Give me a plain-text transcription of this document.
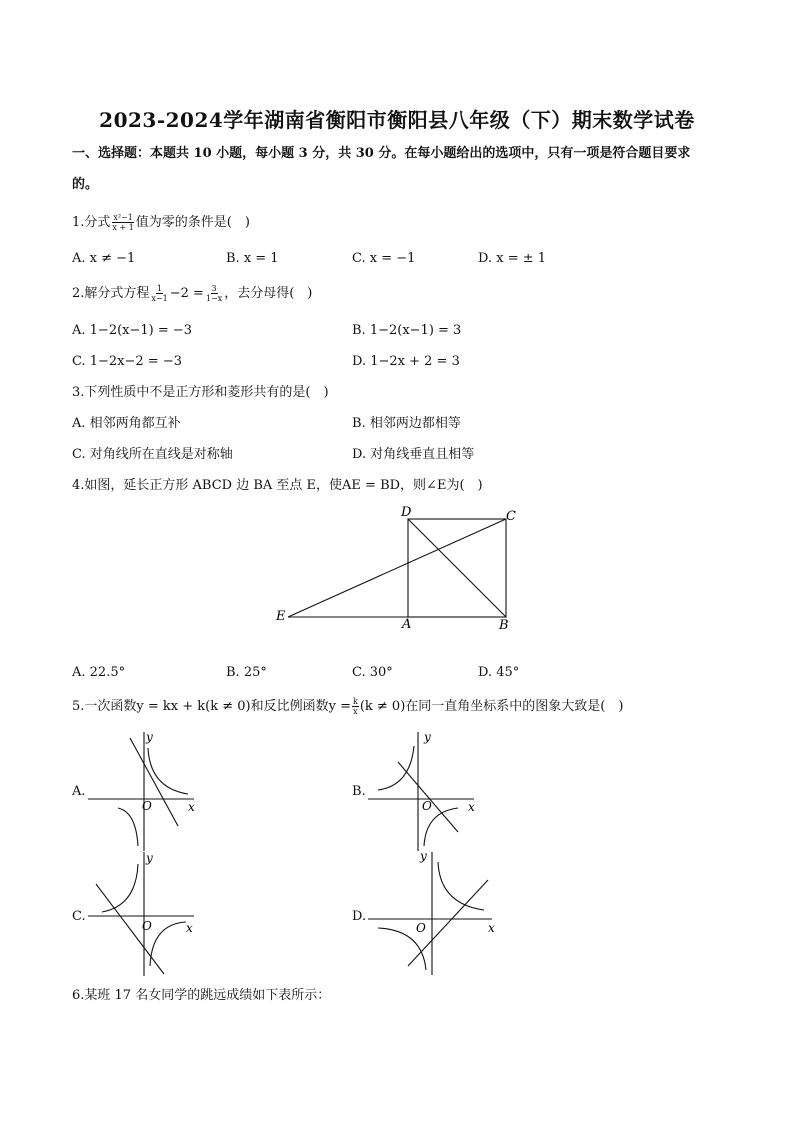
2023-2024学年湖南省衡阳市衡阳县八年级（下）期末数学试卷
一、选择题：本题共 10 小题，每小题 3 分，共 30 分。在每小题给出的选项中，只有一项是符合题目要求
的。
1.分式 $\frac{\text{x²−1}}{x + 1}$ 值为零的条件是(　)
A. x ≠ −1	B. x = 1	C. x = −1	D. x = ± 1
2.解分式方程 $\frac{1}{x-1} -2 = \frac{3}{1-x}$ ，去分母得(　)
A. 1−2(x−1) = −3	B. 1−2(x−1) = 3
C. 1−2x−2 = −3	D. 1−2x + 2 = 3
3.下列性质中不是正方形和菱形共有的是(　)
A. 相邻两角都互补	B. 相邻两边都相等
C. 对角线所在直线是对称轴	D. 对角线垂直且相等
4.如图，延长正方形 ABCD 边 BA 至点 E，使AE = BD，则∠E为(　)
D	C
E
A	B
A. 22.5°	B. 25°	C. 30°	D. 45°
5.一次函数y = kx + k(k ≠ 0)和反比例函数$y = \frac{k}{x} (k \ne 0)$在同一直角坐标系中的图象大致是(　)
A.
y
x
O
B.
y
x
O
C.
y
x
O
D.
y
x
O
6.某班 17 名女同学的跳远成绩如下表所示：
